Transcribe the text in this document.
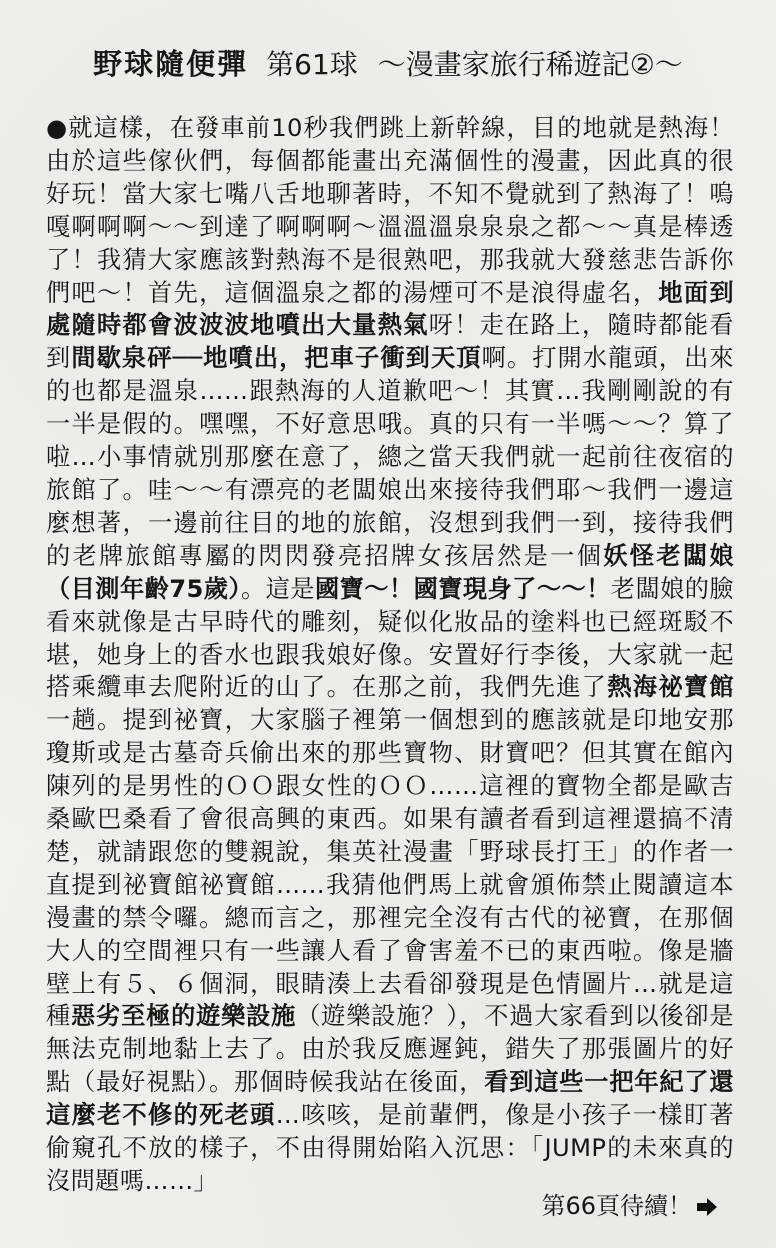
野球隨便彈 第61球 ～漫畫家旅行稀遊記②～
●就這樣，在發車前10秒我們跳上新幹線，目的地就是熱海！由於這些傢伙們，每個都能畫出充滿個性的漫畫，因此真的很好玩！當大家七嘴八舌地聊著時，不知不覺就到了熱海了！嗚嘎啊啊啊～～到達了啊啊啊～溫溫溫泉泉泉之都～～真是棒透了！我猜大家應該對熱海不是很熟吧，那我就大發慈悲告訴你們吧～！首先，這個溫泉之都的湯煙可不是浪得虛名，地面到處隨時都會波波波地噴出大量熱氣呀！走在路上，隨時都能看到間歇泉砰──地噴出，把車子衝到天頂啊。打開水龍頭，出來的也都是溫泉……跟熱海的人道歉吧～！其實…我剛剛說的有一半是假的。嘿嘿，不好意思哦。真的只有一半嗎～～？算了啦…小事情就別那麼在意了，總之當天我們就一起前往夜宿的旅館了。哇～～有漂亮的老闆娘出來接待我們耶～我們一邊這麼想著，一邊前往目的地的旅館，沒想到我們一到，接待我們的老牌旅館專屬的閃閃發亮招牌女孩居然是一個妖怪老闆娘（目測年齡75歲）。這是國寶～！國寶現身了～～！老闆娘的臉看來就像是古早時代的雕刻，疑似化妝品的塗料也已經斑駁不堪，她身上的香水也跟我娘好像。安置好行李後，大家就一起搭乘纜車去爬附近的山了。在那之前，我們先進了熱海祕寶館一趟。提到祕寶，大家腦子裡第一個想到的應該就是印地安那瓊斯或是古墓奇兵偷出來的那些寶物、財寶吧？但其實在館內陳列的是男性的ＯＯ跟女性的ＯＯ……這裡的寶物全都是歐吉桑歐巴桑看了會很高興的東西。如果有讀者看到這裡還搞不清楚，就請跟您的雙親說，集英社漫畫「野球長打王」的作者一直提到祕寶館祕寶館……我猜他們馬上就會頒佈禁止閱讀這本漫畫的禁令囉。總而言之，那裡完全沒有古代的祕寶，在那個大人的空間裡只有一些讓人看了會害羞不已的東西啦。像是牆壁上有５、６個洞，眼睛湊上去看卻發現是色情圖片…就是這種惡劣至極的遊樂設施（遊樂設施？），不過大家看到以後卻是無法克制地黏上去了。由於我反應遲鈍，錯失了那張圖片的好點（最好視點）。那個時候我站在後面，看到這些一把年紀了還這麼老不修的死老頭…咳咳，是前輩們，像是小孩子一樣盯著偷窺孔不放的樣子，不由得開始陷入沉思：「JUMP的未來真的沒問題嗎……」
第66頁待續！
